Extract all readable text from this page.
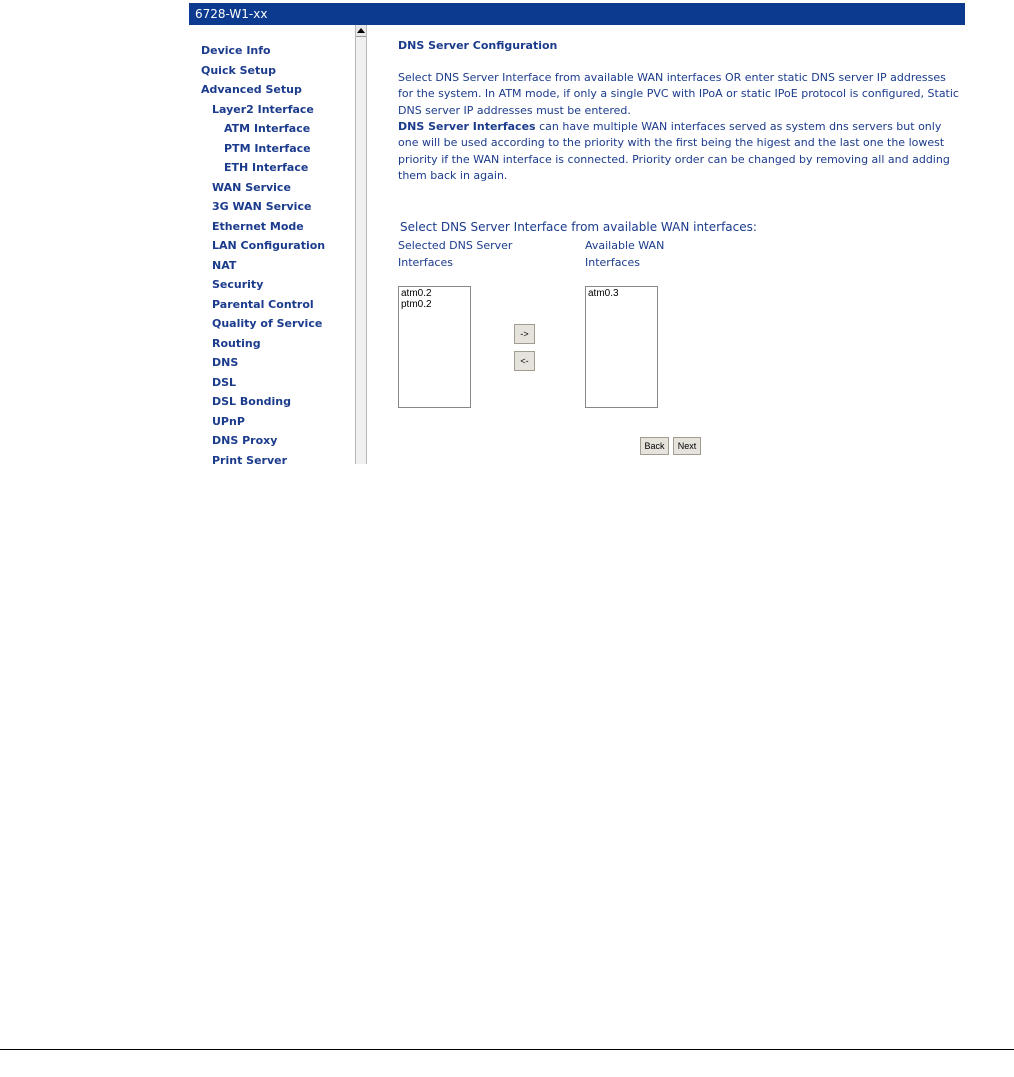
6728-W1-xx
Device Info
Quick Setup
Advanced Setup
Layer2 Interface
ATM Interface
PTM Interface
ETH Interface
WAN Service
3G WAN Service
Ethernet Mode
LAN Configuration
NAT
Security
Parental Control
Quality of Service
Routing
DNS
DSL
DSL Bonding
UPnP
DNS Proxy
Print Server
DNS Server Configuration
Select DNS Server Interface from available WAN interfaces OR enter static DNS server IP addresses for the system. In ATM mode, if only a single PVC with IPoA or static IPoE protocol is configured, Static DNS server IP addresses must be entered.
DNS Server Interfaces can have multiple WAN interfaces served as system dns servers but only one will be used according to the priority with the first being the higest and the last one the lowest priority if the WAN interface is connected. Priority order can be changed by removing all and adding them back in again.
Select DNS Server Interface from available WAN interfaces:
Selected DNS Server
Interfaces
Available WAN
Interfaces
atm0.2
ptm0.2
->
<-
atm0.3
Back	Next
